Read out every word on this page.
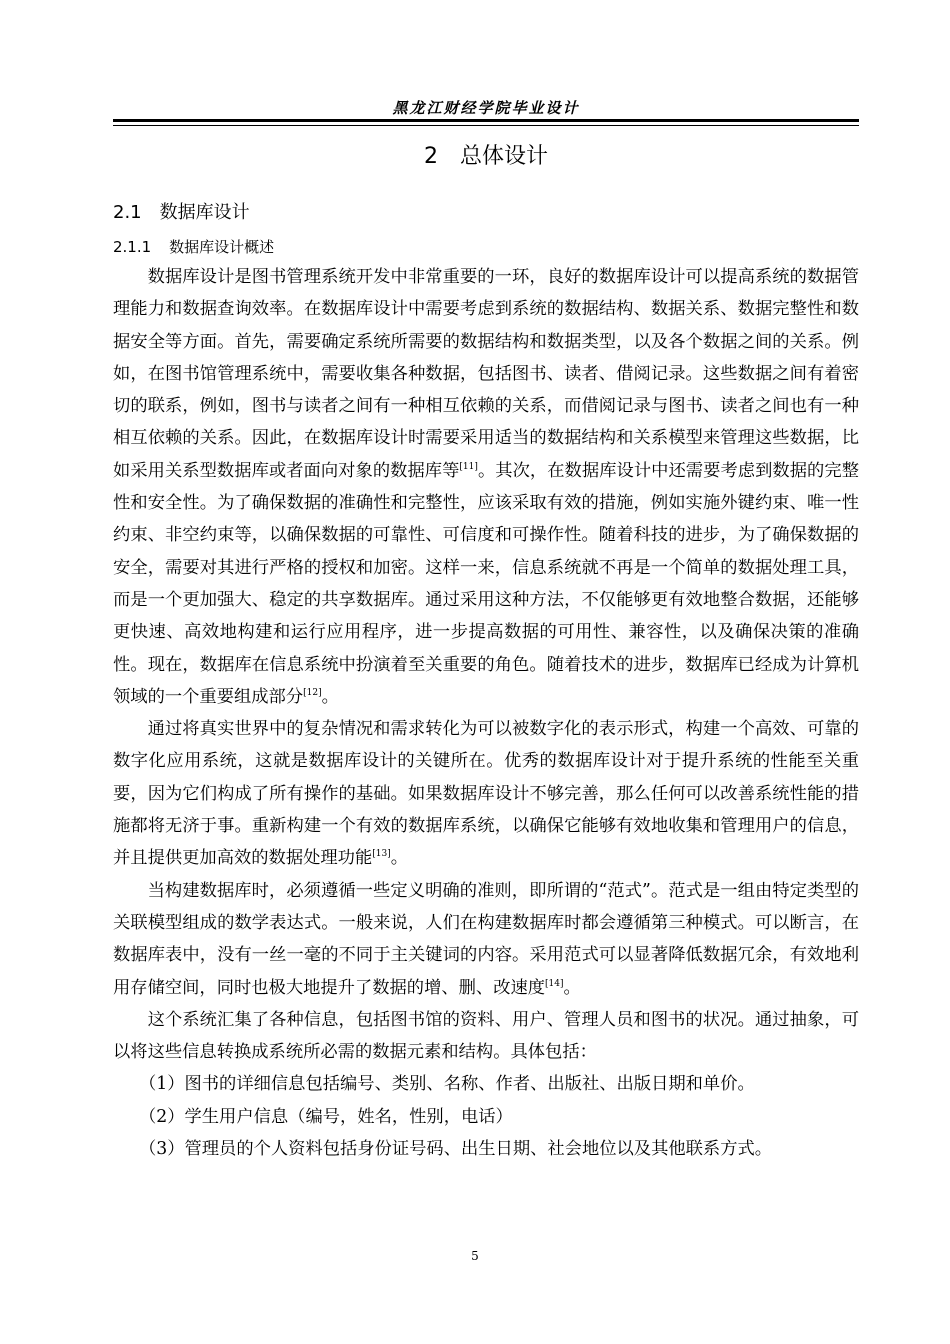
黑龙江财经学院毕业设计
2 总体设计
2.1 数据库设计
2.1.1 数据库设计概述

数据库设计是图书管理系统开发中非常重要的一环，良好的数据库设计可以提高系统的数据管理能力和数据查询效率。在数据库设计中需要考虑到系统的数据结构、数据关系、数据完整性和数据安全等方面。首先，需要确定系统所需要的数据结构和数据类型，以及各个数据之间的关系。例如，在图书馆管理系统中，需要收集各种数据，包括图书、读者、借阅记录。这些数据之间有着密切的联系，例如，图书与读者之间有一种相互依赖的关系，而借阅记录与图书、读者之间也有一种相互依赖的关系。因此，在数据库设计时需要采用适当的数据结构和关系模型来管理这些数据，比如采用关系型数据库或者面向对象的数据库等[11]。其次，在数据库设计中还需要考虑到数据的完整性和安全性。为了确保数据的准确性和完整性，应该采取有效的措施，例如实施外键约束、唯一性约束、非空约束等，以确保数据的可靠性、可信度和可操作性。随着科技的进步，为了确保数据的安全，需要对其进行严格的授权和加密。这样一来，信息系统就不再是一个简单的数据处理工具，而是一个更加强大、稳定的共享数据库。通过采用这种方法，不仅能够更有效地整合数据，还能够更快速、高效地构建和运行应用程序，进一步提高数据的可用性、兼容性，以及确保决策的准确性。现在，数据库在信息系统中扮演着至关重要的角色。随着技术的进步，数据库已经成为计算机领域的一个重要组成部分[12]。

通过将真实世界中的复杂情况和需求转化为可以被数字化的表示形式，构建一个高效、可靠的数字化应用系统，这就是数据库设计的关键所在。优秀的数据库设计对于提升系统的性能至关重要，因为它们构成了所有操作的基础。如果数据库设计不够完善，那么任何可以改善系统性能的措施都将无济于事。重新构建一个有效的数据库系统，以确保它能够有效地收集和管理用户的信息，并且提供更加高效的数据处理功能[13]。

当构建数据库时，必须遵循一些定义明确的准则，即所谓的“范式”。范式是一组由特定类型的关联模型组成的数学表达式。一般来说，人们在构建数据库时都会遵循第三种模式。可以断言，在数据库表中，没有一丝一毫的不同于主关键词的内容。采用范式可以显著降低数据冗余，有效地利用存储空间，同时也极大地提升了数据的增、删、改速度[14]。

这个系统汇集了各种信息，包括图书馆的资料、用户、管理人员和图书的状况。通过抽象，可以将这些信息转换成系统所必需的数据元素和结构。具体包括：

（1）图书的详细信息包括编号、类别、名称、作者、出版社、出版日期和单价。

（2）学生用户信息（编号，姓名，性别，电话）

（3）管理员的个人资料包括身份证号码、出生日期、社会地位以及其他联系方式。

5
